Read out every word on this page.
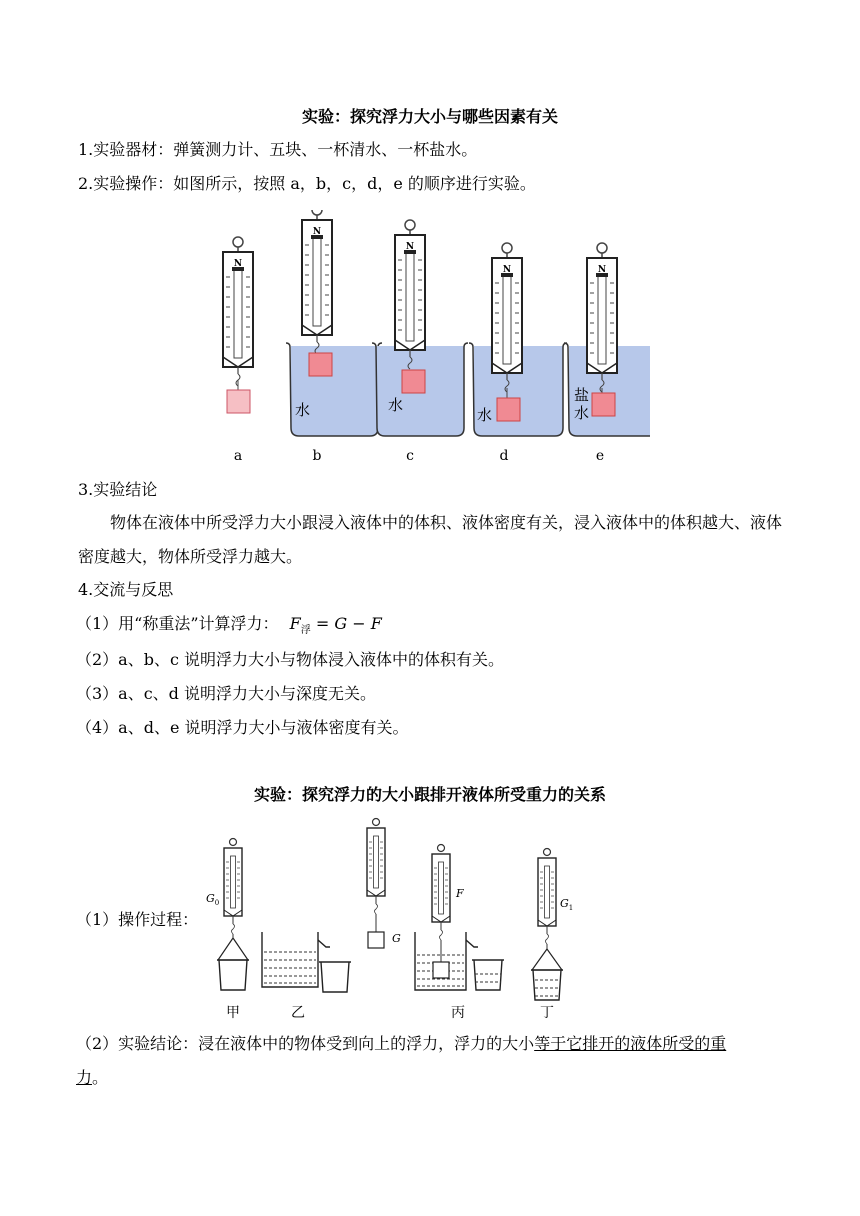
实验：探究浮力大小与哪些因素有关
1.实验器材：弹簧测力计、五块、一杯清水、一杯盐水。
2.实验操作：如图所示，按照 a，b，c，d，e 的顺序进行实验。
N
N
水
N
水
N
水
N
盐
水
a	b	c	d	e
3.实验结论
物体在液体中所受浮力大小跟浸入液体中的体积、液体密度有关，浸入液体中的体积越大、液体密度越大，物体所受浮力越大。
4.交流与反思
（1）用“称重法”计算浮力： $F_浮 = G - F$
（2）a、b、c 说明浮力大小与物体浸入液体中的体积有关。
（3）a、c、d 说明浮力大小与深度无关。
（4）a、d、e 说明浮力大小与液体密度有关。
实验：探究浮力的大小跟排开液体所受重力的关系
（1）操作过程：
$G_0$
G
F
$G_1$
甲	乙	丙	丁
（2）实验结论：浸在液体中的物体受到向上的浮力，浮力的大小等于它排开的液体所受的重
力。
